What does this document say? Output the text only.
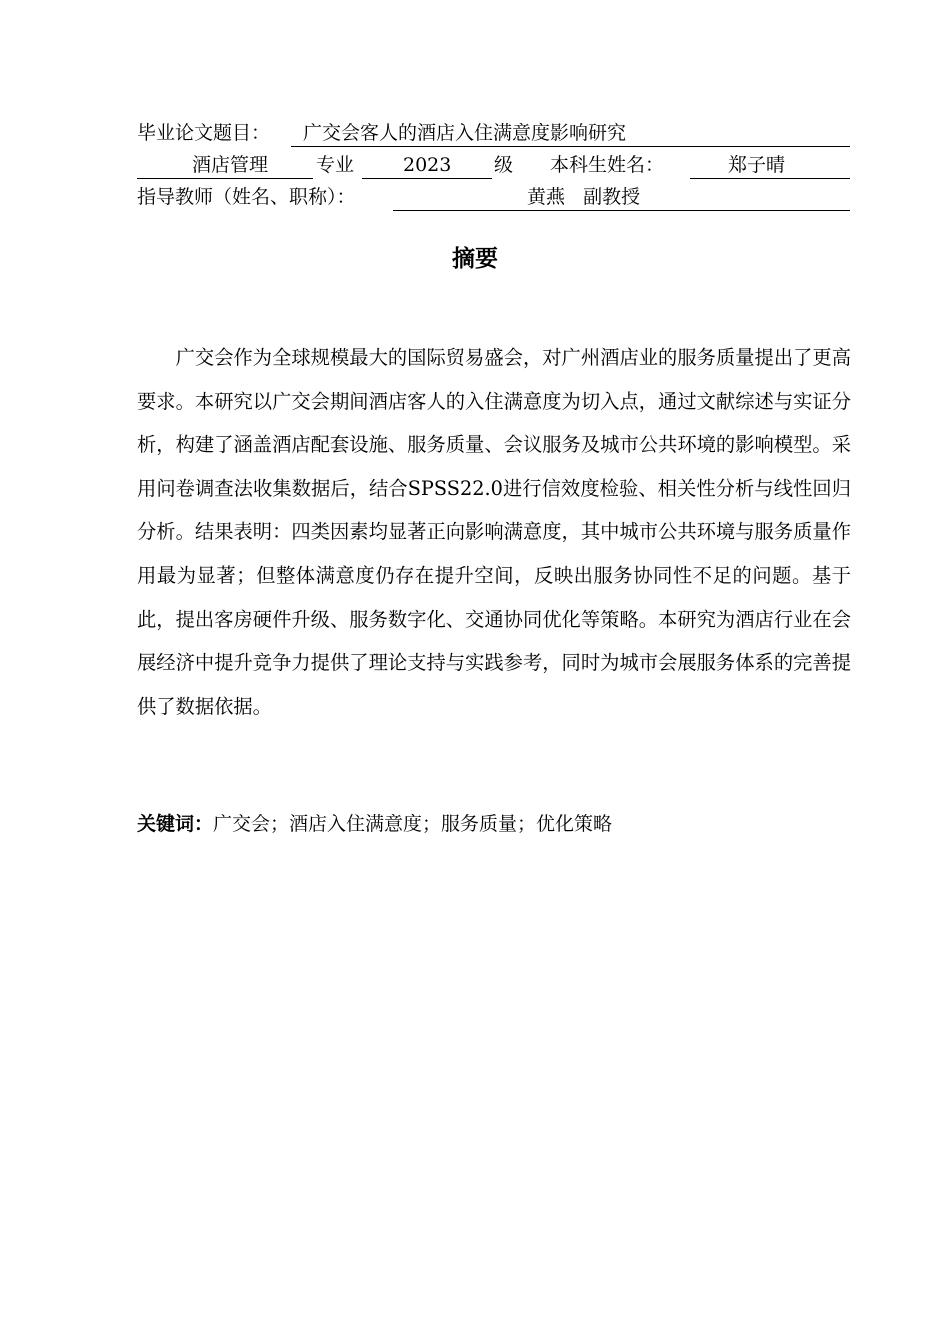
毕业论文题目： 广交会客人的酒店入住满意度影响研究
酒店管理	专业	2023 级 本科生姓名：	郑子晴
指导教师（姓名、职称）：	黄燕   副教授
摘要
广交会作为全球规模最大的国际贸易盛会，对广州酒店业的服务质量提出了更高要求。本研究以广交会期间酒店客人的入住满意度为切入点，通过文献综述与实证分析，构建了涵盖酒店配套设施、服务质量、会议服务及城市公共环境的影响模型。采用问卷调查法收集数据后，结合SPSS22.0进行信效度检验、相关性分析与线性回归分析。结果表明：四类因素均显著正向影响满意度，其中城市公共环境与服务质量作用最为显著；但整体满意度仍存在提升空间，反映出服务协同性不足的问题。基于此，提出客房硬件升级、服务数字化、交通协同优化等策略。本研究为酒店行业在会展经济中提升竞争力提供了理论支持与实践参考，同时为城市会展服务体系的完善提供了数据依据。
关键词：广交会；酒店入住满意度；服务质量；优化策略
